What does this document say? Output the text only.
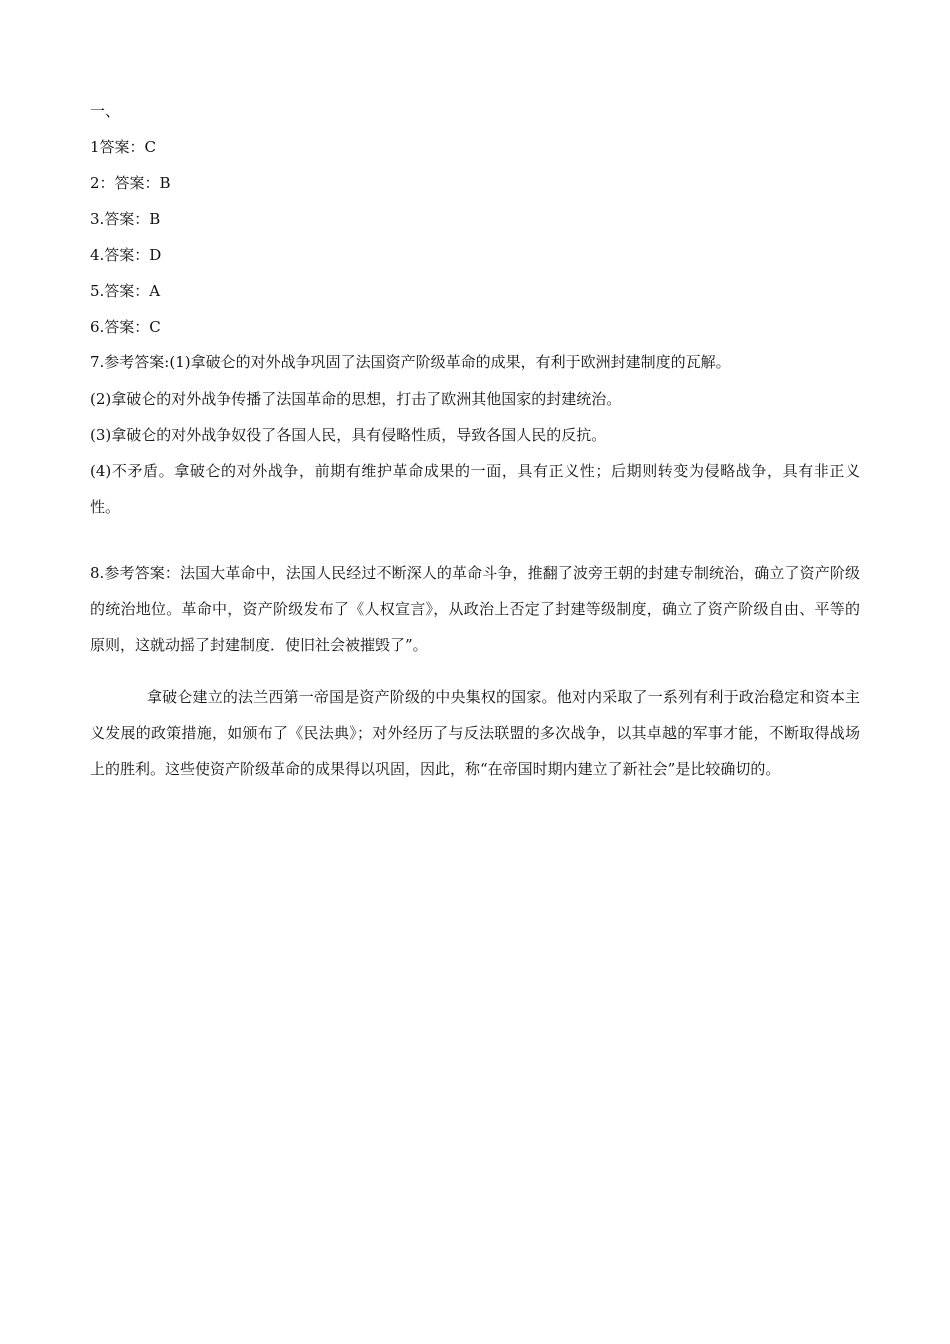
一、
1答案：C
2：答案：B
3.答案：B
4.答案：D
5.答案：A
6.答案：C
7.参考答案:(1)拿破仑的对外战争巩固了法国资产阶级革命的成果，有利于欧洲封建制度的瓦解。
(2)拿破仑的对外战争传播了法国革命的思想，打击了欧洲其他国家的封建统治。
(3)拿破仑的对外战争奴役了各国人民，具有侵略性质，导致各国人民的反抗。
(4)不矛盾。拿破仑的对外战争，前期有维护革命成果的一面，具有正义性；后期则转变为侵略战争，具有非正义性。
8.参考答案：法国大革命中，法国人民经过不断深人的革命斗争，推翻了波旁王朝的封建专制统治，确立了资产阶级的统治地位。革命中，资产阶级发布了《人权宣言》，从政治上否定了封建等级制度，确立了资产阶级自由、平等的原则，这就动摇了封建制度．使旧社会被摧毁了”。
拿破仑建立的法兰西第一帝国是资产阶级的中央集权的国家。他对内采取了一系列有利于政治稳定和资本主义发展的政策措施，如颁布了《民法典》；对外经历了与反法联盟的多次战争，以其卓越的军事才能，不断取得战场上的胜利。这些使资产阶级革命的成果得以巩固，因此，称“在帝国时期内建立了新社会”是比较确切的。
